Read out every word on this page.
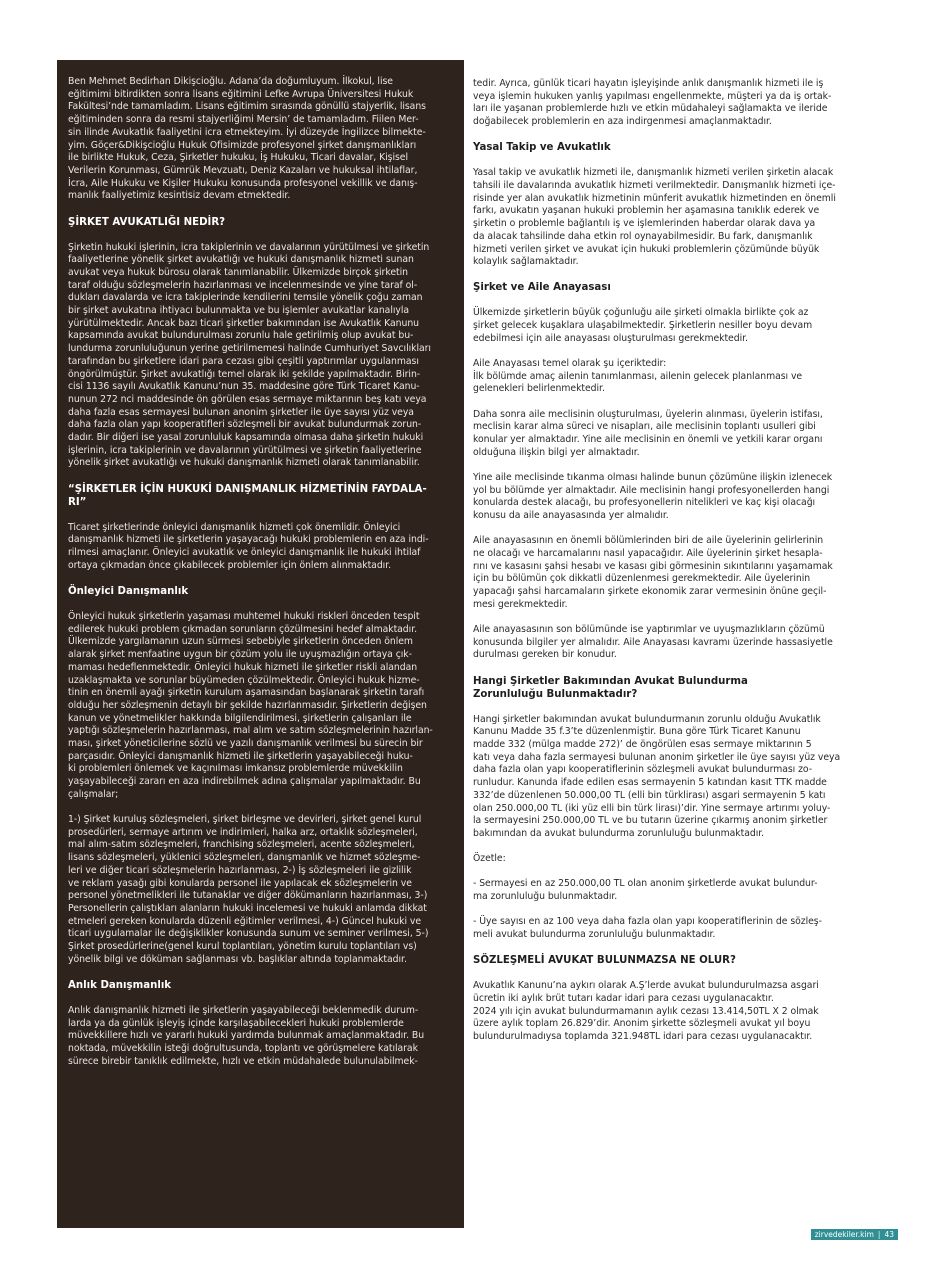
Ben Mehmet Bedirhan Dikişcioğlu. Adana’da doğumluyum. İlkokul, lise
eğitimimi bitirdikten sonra lisans eğitimini Lefke Avrupa Üniversitesi Hukuk
Fakültesi’nde tamamladım. Lisans eğitimim sırasında gönüllü stajyerlik, lisans
eğitiminden sonra da resmi stajyerliğimi Mersin’ de tamamladım. Fiilen Mer-
sin ilinde Avukatlık faaliyetini icra etmekteyim. İyi düzeyde İngilizce bilmekte-
yim. Göçer&Dikişcioğlu Hukuk Ofisimizde profesyonel şirket danışmanlıkları
ile birlikte Hukuk, Ceza, Şirketler hukuku, İş Hukuku, Ticari davalar, Kişisel
Verilerin Korunması, Gümrük Mevzuatı, Deniz Kazaları ve hukuksal ihtilaflar,
İcra, Aile Hukuku ve Kişiler Hukuku konusunda profesyonel vekillik ve danış-
manlık faaliyetimiz kesintisiz devam etmektedir.
ŞİRKET AVUKATLIĞI NEDİR?
Şirketin hukuki işlerinin, icra takiplerinin ve davalarının yürütülmesi ve şirketin
faaliyetlerine yönelik şirket avukatlığı ve hukuki danışmanlık hizmeti sunan
avukat veya hukuk bürosu olarak tanımlanabilir. Ülkemizde birçok şirketin
taraf olduğu sözleşmelerin hazırlanması ve incelenmesinde ve yine taraf ol-
dukları davalarda ve icra takiplerinde kendilerini temsile yönelik çoğu zaman
bir şirket avukatına ihtiyacı bulunmakta ve bu işlemler avukatlar kanalıyla
yürütülmektedir. Ancak bazı ticari şirketler bakımından ise Avukatlık Kanunu
kapsamında avukat bulundurulması zorunlu hale getirilmiş olup avukat bu-
lundurma zorunluluğunun yerine getirilmemesi halinde Cumhuriyet Savcılıkları
tarafından bu şirketlere idari para cezası gibi çeşitli yaptırımlar uygulanması
öngörülmüştür. Şirket avukatlığı temel olarak iki şekilde yapılmaktadır. Birin-
cisi 1136 sayılı Avukatlık Kanunu’nun 35. maddesine göre Türk Ticaret Kanu-
nunun 272 nci maddesinde ön görülen esas sermaye miktarının beş katı veya
daha fazla esas sermayesi bulunan anonim şirketler ile üye sayısı yüz veya
daha fazla olan yapı kooperatifleri sözleşmeli bir avukat bulundurmak zorun-
dadır. Bir diğeri ise yasal zorunluluk kapsamında olmasa daha şirketin hukuki
işlerinin, icra takiplerinin ve davalarının yürütülmesi ve şirketin faaliyetlerine
yönelik şirket avukatlığı ve hukuki danışmanlık hizmeti olarak tanımlanabilir.
“ŞİRKETLER İÇİN HUKUKİ DANIŞMANLIK HİZMETİNİN FAYDALA-
RI”
Ticaret şirketlerinde önleyici danışmanlık hizmeti çok önemlidir. Önleyici
danışmanlık hizmeti ile şirketlerin yaşayacağı hukuki problemlerin en aza indi-
rilmesi amaçlanır. Önleyici avukatlık ve önleyici danışmanlık ile hukuki ihtilaf
ortaya çıkmadan önce çıkabilecek problemler için önlem alınmaktadır.
Önleyici Danışmanlık
Önleyici hukuk şirketlerin yaşaması muhtemel hukuki riskleri önceden tespit
edilerek hukuki problem çıkmadan sorunların çözülmesini hedef almaktadır.
Ülkemizde yargılamanın uzun sürmesi sebebiyle şirketlerin önceden önlem
alarak şirket menfaatine uygun bir çözüm yolu ile uyuşmazlığın ortaya çık-
maması hedeflenmektedir. Önleyici hukuk hizmeti ile şirketler riskli alandan
uzaklaşmakta ve sorunlar büyümeden çözülmektedir. Önleyici hukuk hizme-
tinin en önemli ayağı şirketin kurulum aşamasından başlanarak şirketin tarafı
olduğu her sözleşmenin detaylı bir şekilde hazırlanmasıdır. Şirketlerin değişen
kanun ve yönetmelikler hakkında bilgilendirilmesi, şirketlerin çalışanları ile
yaptığı sözleşmelerin hazırlanması, mal alım ve satım sözleşmelerinin hazırlan-
ması, şirket yöneticilerine sözlü ve yazılı danışmanlık verilmesi bu sürecin bir
parçasıdır. Önleyici danışmanlık hizmeti ile şirketlerin yaşayabileceği huku-
ki problemleri önlemek ve kaçınılması imkansız problemlerde müvekkilin
yaşayabileceği zararı en aza indirebilmek adına çalışmalar yapılmaktadır. Bu
çalışmalar;
1-) Şirket kuruluş sözleşmeleri, şirket birleşme ve devirleri, şirket genel kurul
prosedürleri, sermaye artırım ve indirimleri, halka arz, ortaklık sözleşmeleri,
mal alım-satım sözleşmeleri, franchising sözleşmeleri, acente sözleşmeleri,
lisans sözleşmeleri, yüklenici sözleşmeleri, danışmanlık ve hizmet sözleşme-
leri ve diğer ticari sözleşmelerin hazırlanması, 2-) İş sözleşmeleri ile gizlilik
ve reklam yasağı gibi konularda personel ile yapılacak ek sözleşmelerin ve
personel yönetmelikleri ile tutanaklar ve diğer dökümanların hazırlanması, 3-)
Personellerin çalıştıkları alanların hukuki incelemesi ve hukuki anlamda dikkat
etmeleri gereken konularda düzenli eğitimler verilmesi, 4-) Güncel hukuki ve
ticari uygulamalar ile değişiklikler konusunda sunum ve seminer verilmesi, 5-)
Şirket prosedürlerine(genel kurul toplantıları, yönetim kurulu toplantıları vs)
yönelik bilgi ve döküman sağlanması vb. başlıklar altında toplanmaktadır.
Anlık Danışmanlık
Anlık danışmanlık hizmeti ile şirketlerin yaşayabileceği beklenmedik durum-
larda ya da günlük işleyiş içinde karşılaşabilecekleri hukuki problemlerde
müvekkillere hızlı ve yararlı hukuki yardımda bulunmak amaçlanmaktadır. Bu
noktada, müvekkilin isteği doğrultusunda, toplantı ve görüşmelere katılarak
sürece birebir tanıklık edilmekte, hızlı ve etkin müdahalede bulunulabilmek-
tedir. Ayrıca, günlük ticari hayatın işleyişinde anlık danışmanlık hizmeti ile iş
veya işlemin hukuken yanlış yapılması engellenmekte, müşteri ya da iş ortak-
ları ile yaşanan problemlerde hızlı ve etkin müdahaleyi sağlamakta ve ileride
doğabilecek problemlerin en aza indirgenmesi amaçlanmaktadır.
Yasal Takip ve Avukatlık
Yasal takip ve avukatlık hizmeti ile, danışmanlık hizmeti verilen şirketin alacak
tahsili ile davalarında avukatlık hizmeti verilmektedir. Danışmanlık hizmeti içe-
risinde yer alan avukatlık hizmetinin münferit avukatlık hizmetinden en önemli
farkı, avukatın yaşanan hukuki problemin her aşamasına tanıklık ederek ve
şirketin o problemle bağlantılı iş ve işlemlerinden haberdar olarak dava ya
da alacak tahsilinde daha etkin rol oynayabilmesidir. Bu fark, danışmanlık
hizmeti verilen şirket ve avukat için hukuki problemlerin çözümünde büyük
kolaylık sağlamaktadır.
Şirket ve Aile Anayasası
Ülkemizde şirketlerin büyük çoğunluğu aile şirketi olmakla birlikte çok az
şirket gelecek kuşaklara ulaşabilmektedir. Şirketlerin nesiller boyu devam
edebilmesi için aile anayasası oluşturulması gerekmektedir.
Aile Anayasası temel olarak şu içeriktedir:
İlk bölümde amaç ailenin tanımlanması, ailenin gelecek planlanması ve
gelenekleri belirlenmektedir.
Daha sonra aile meclisinin oluşturulması, üyelerin alınması, üyelerin istifası,
meclisin karar alma süreci ve nisapları, aile meclisinin toplantı usulleri gibi
konular yer almaktadır. Yine aile meclisinin en önemli ve yetkili karar organı
olduğuna ilişkin bilgi yer almaktadır.
Yine aile meclisinde tıkanma olması halinde bunun çözümüne ilişkin izlenecek
yol bu bölümde yer almaktadır. Aile meclisinin hangi profesyonellerden hangi
konularda destek alacağı, bu profesyonellerin nitelikleri ve kaç kişi olacağı
konusu da aile anayasasında yer almalıdır.
Aile anayasasının en önemli bölümlerinden biri de aile üyelerinin gelirlerinin
ne olacağı ve harcamalarını nasıl yapacağıdır. Aile üyelerinin şirket hesapla-
rını ve kasasını şahsi hesabı ve kasası gibi görmesinin sıkıntılarını yaşamamak
için bu bölümün çok dikkatli düzenlenmesi gerekmektedir. Aile üyelerinin
yapacağı şahsi harcamaların şirkete ekonomik zarar vermesinin önüne geçil-
mesi gerekmektedir.
Aile anayasasının son bölümünde ise yaptırımlar ve uyuşmazlıkların çözümü
konusunda bilgiler yer almalıdır. Aile Anayasası kavramı üzerinde hassasiyetle
durulması gereken bir konudur.
Hangi Şirketler Bakımından Avukat Bulundurma
Zorunluluğu Bulunmaktadır?
Hangi şirketler bakımından avukat bulundurmanın zorunlu olduğu Avukatlık
Kanunu Madde 35 f.3’te düzenlenmiştir. Buna göre Türk Ticaret Kanunu
madde 332 (mülga madde 272)’ de öngörülen esas sermaye miktarının 5
katı veya daha fazla sermayesi bulunan anonim şirketler ile üye sayısı yüz veya
daha fazla olan yapı kooperatiflerinin sözleşmeli avukat bulundurması zo-
runludur. Kanunda ifade edilen esas sermayenin 5 katından kasıt TTK madde
332’de düzenlenen 50.000,00 TL (elli bin türklirası) asgari sermayenin 5 katı
olan 250.000,00 TL (iki yüz elli bin türk lirası)’dir. Yine sermaye artırımı yoluy-
la sermayesini 250.000,00 TL ve bu tutarın üzerine çıkarmış anonim şirketler
bakımından da avukat bulundurma zorunluluğu bulunmaktadır.
Özetle:
- Sermayesi en az 250.000,00 TL olan anonim şirketlerde avukat bulundur-
ma zorunluluğu bulunmaktadır.
- Üye sayısı en az 100 veya daha fazla olan yapı kooperatiflerinin de sözleş-
meli avukat bulundurma zorunluluğu bulunmaktadır.
SÖZLEŞMELİ AVUKAT BULUNMAZSA NE OLUR?
Avukatlık Kanunu’na aykırı olarak A.Ş’lerde avukat bulundurulmazsa asgari
ücretin iki aylık brüt tutarı kadar idari para cezası uygulanacaktır.
2024 yılı için avukat bulundurmamanın aylık cezası 13.414,50TL X 2 olmak
üzere aylık toplam 26.829’dir. Anonim şirkette sözleşmeli avukat yıl boyu
bulundurulmadıysa toplamda 321.948TL idari para cezası uygulanacaktır.
zirvedekiler.kim | 43
